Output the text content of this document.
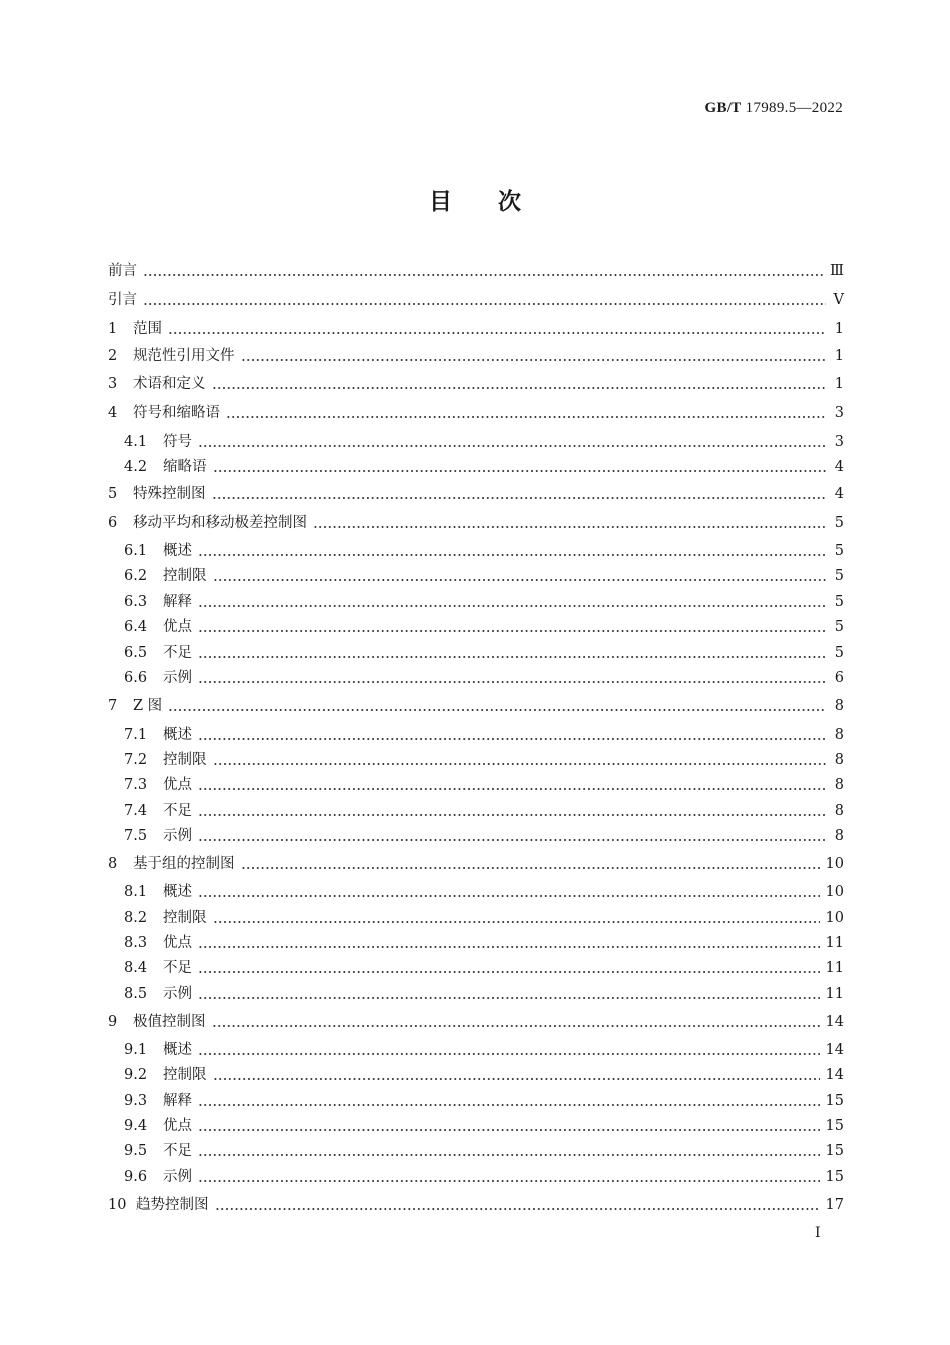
GB/T 17989.5—2022
目　　次
前言	Ⅲ
引言	Ⅴ
1	范围	1
2	规范性引用文件	1
3	术语和定义	1
4	符号和缩略语	3
4.1	符号	3
4.2	缩略语	4
5	特殊控制图	4
6	移动平均和移动极差控制图	5
6.1	概述	5
6.2	控制限	5
6.3	解释	5
6.4	优点	5
6.5	不足	5
6.6	示例	6
7	Z 图	8
7.1	概述	8
7.2	控制限	8
7.3	优点	8
7.4	不足	8
7.5	示例	8
8	基于组的控制图	10
8.1	概述	10
8.2	控制限	10
8.3	优点	11
8.4	不足	11
8.5	示例	11
9	极值控制图	14
9.1	概述	14
9.2	控制限	14
9.3	解释	15
9.4	优点	15
9.5	不足	15
9.6	示例	15
10 趋势控制图	17
I
